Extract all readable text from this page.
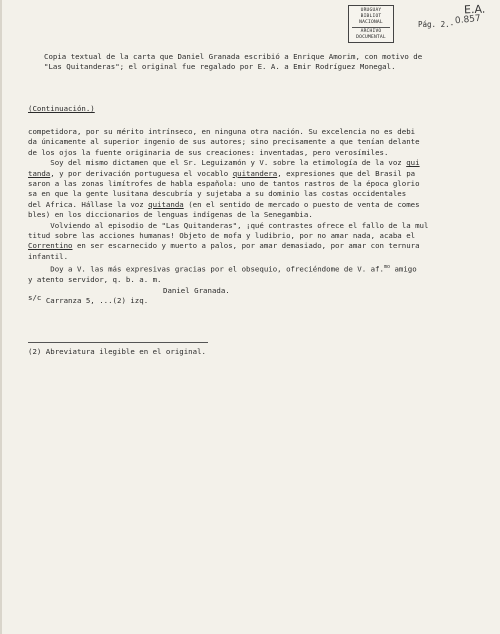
URUGUAY
BIBLIOT
NACIONAL
ARCHIVO
DOCUMENTAL
E.A.
Pág. 2.- 0.857
Copia textual de la carta que Daniel Granada escribió a Enrique Amorim, con motivo de
"Las Quitanderas"; el original fue regalado por E. A. a Emir Rodríguez Monegal.
(Continuación.)
competidora, por su mérito intrínseco, en ninguna otra nación. Su excelencia no es debi
da únicamente al superior ingenio de sus autores; sino precisamente a que tenían delante
de los ojos la fuente originaria de sus creaciones: inventadas, pero verosímiles.
Soy del mismo dictamen que el Sr. Leguizamón y V. sobre la etimología de la voz qui
tanda, y por derivación portuguesa el vocablo quitandera, expresiones que del Brasil pa
saron a las zonas limítrofes de habla española: uno de tantos rastros de la época glorio
sa en que la gente lusitana descubría y sujetaba a su dominio las costas occidentales
del Africa. Hállase la voz quitanda (en el sentido de mercado o puesto de venta de comes
bles) en los diccionarios de lenguas indígenas de la Senegambia.
Volviendo al episodio de "Las Quitanderas", ¡qué contrastes ofrece el fallo de la mul
titud sobre las acciones humanas! Objeto de mofa y ludibrio, por no amar nada, acaba el
Correntino en ser escarnecido y muerto a palos, por amar demasiado, por amar con ternura
infantil.
Doy a V. las más expresivas gracias por el obsequio, ofreciéndome de V. af.$^{mo}$ amigo
y atento servidor, q. b. a. m.
Daniel Granada.
s/c Carranza 5, ...(2) izq.
(2) Abreviatura ilegible en el original.
